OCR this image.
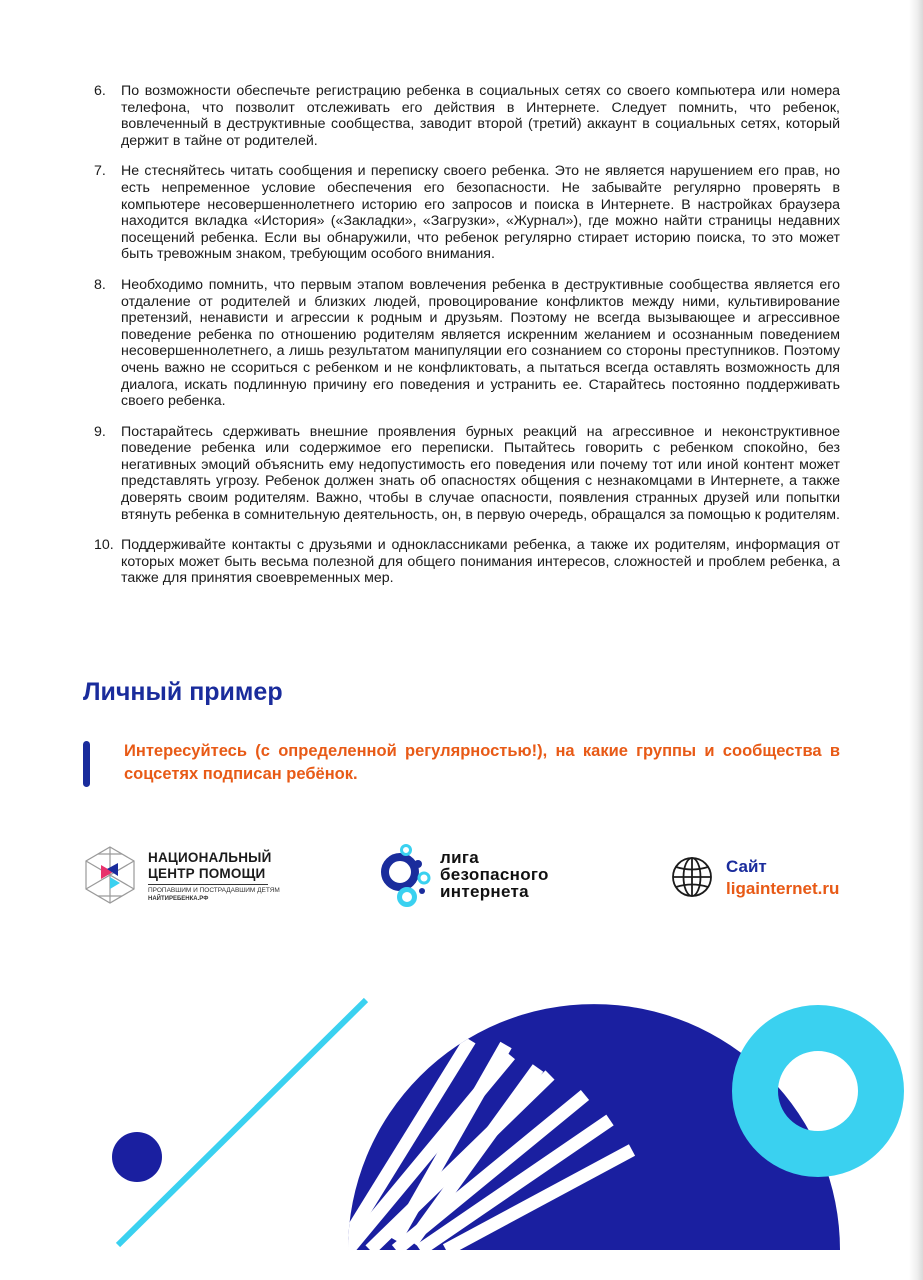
6. По возможности обеспечьте регистрацию ребенка в социальных сетях со своего компьютера или номера телефона, что позволит отслеживать его действия в Интернете. Следует помнить, что ребенок, вовлеченный в деструктивные сообщества, заводит второй (третий) аккаунт в социальных сетях, который держит в тайне от родителей.
7. Не стесняйтесь читать сообщения и переписку своего ребенка. Это не является нарушением его прав, но есть непременное условие обеспечения его безопасности. Не забывайте регулярно проверять в компьютере несовершеннолетнего историю его запросов и поиска в Интернете. В настройках браузера находится вкладка «История» («Закладки», «Загрузки», «Журнал»), где можно найти страницы недавних посещений ребенка. Если вы обнаружили, что ребенок регулярно стирает историю поиска, то это может быть тревожным знаком, требующим особого внимания.
8. Необходимо помнить, что первым этапом вовлечения ребенка в деструктивные сообщества является его отдаление от родителей и близких людей, провоцирование конфликтов между ними, культивирование претензий, ненависти и агрессии к родным и друзьям. Поэтому не всегда вызывающее и агрессивное поведение ребенка по отношению родителям является искренним желанием и осознанным поведением несовершеннолетнего, а лишь результатом манипуляции его сознанием со стороны преступников. Поэтому очень важно не ссориться с ребенком и не конфликтовать, а пытаться всегда оставлять возможность для диалога, искать подлинную причину его поведения и устранить ее. Старайтесь постоянно поддерживать своего ребенка.
9. Постарайтесь сдерживать внешние проявления бурных реакций на агрессивное и неконструктивное поведение ребенка или содержимое его переписки. Пытайтесь говорить с ребенком спокойно, без негативных эмоций объяснить ему недопустимость его поведения или почему тот или иной контент может представлять угрозу. Ребенок должен знать об опасностях общения с незнакомцами в Интернете, а также доверять своим родителям. Важно, чтобы в случае опасности, появления странных друзей или попытки втянуть ребенка в сомнительную деятельность, он, в первую очередь, обращался за помощью к родителям.
10. Поддерживайте контакты с друзьями и одноклассниками ребенка, а также их родителям, информация от которых может быть весьма полезной для общего понимания интересов, сложностей и проблем ребенка, а также для принятия своевременных мер.
Личный пример

Интересуйтесь (с определенной регулярностью!), на какие группы и сообщества в соцсетях подписан ребёнок.

НАЦИОНАЛЬНЫЙ
ЦЕНТР ПОМОЩИ
ПРОПАВШИМ И ПОСТРАДАВШИМ ДЕТЯМ
НАЙТИРЕБЕНКА.РФ
лига
безопасного
интернета
Сайт
ligainternet.ru
